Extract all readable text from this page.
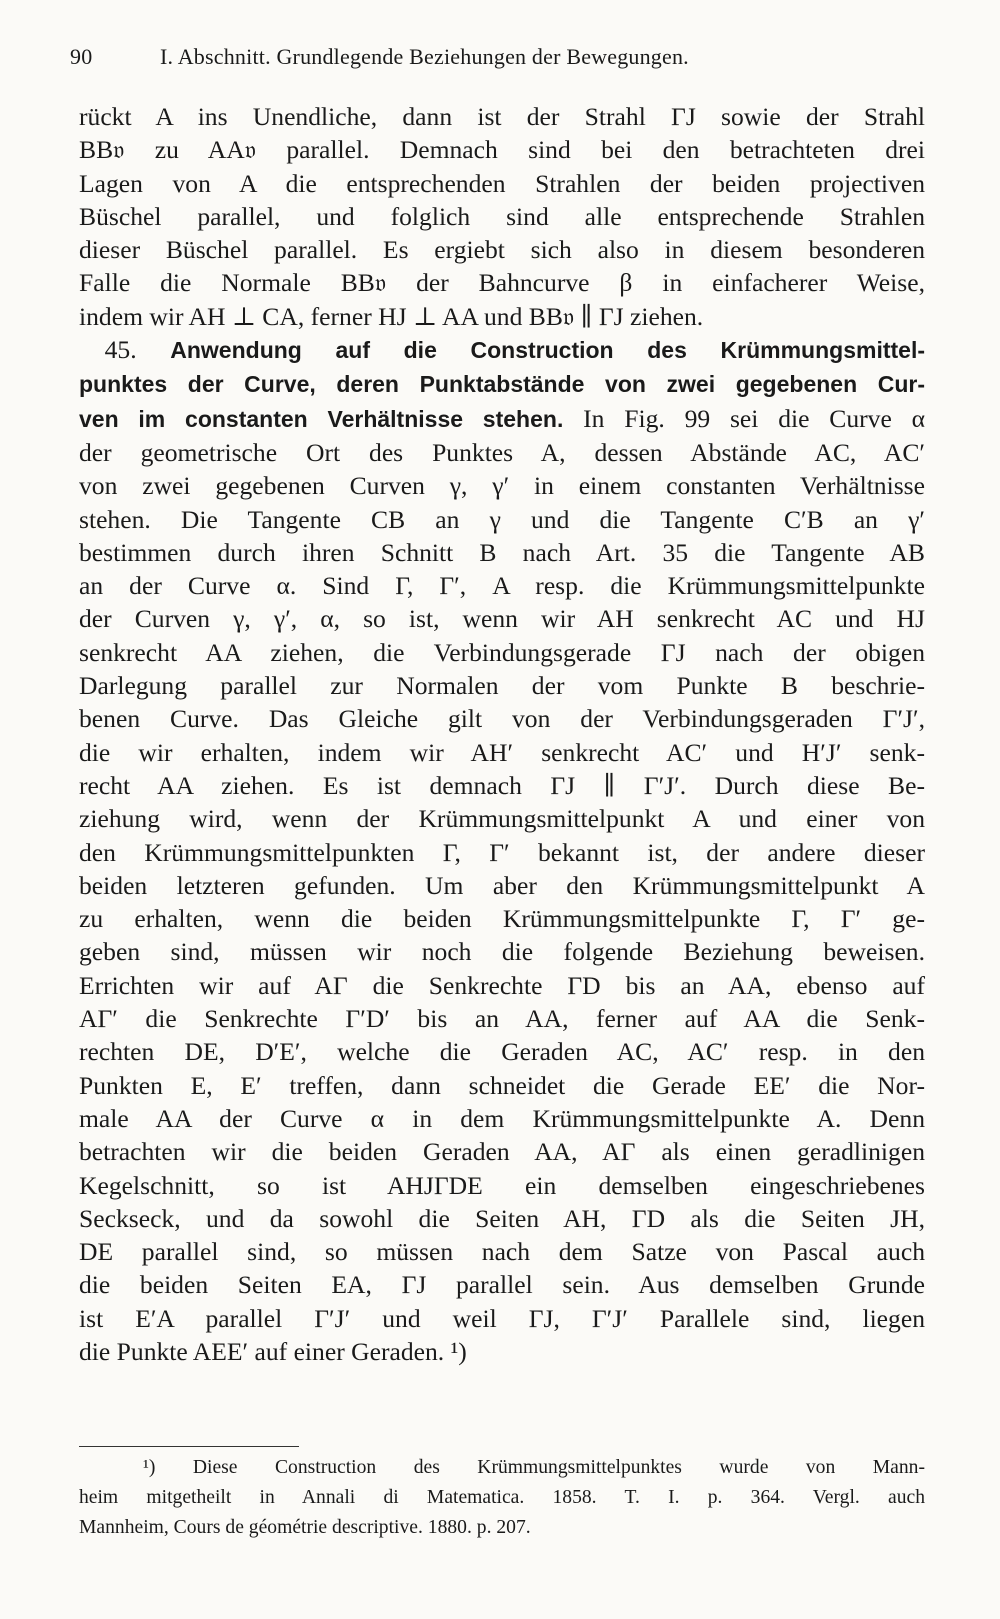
90	I. Abschnitt. Grundlegende Beziehungen der Bewegungen.

rückt A ins Unendliche, dann ist der Strahl ΓJ sowie der Strahl

BB𝔳 zu AA𝔳 parallel. Demnach sind bei den betrachteten drei

Lagen von A die entsprechenden Strahlen der beiden projectiven

Büschel parallel, und folglich sind alle entsprechende Strahlen

dieser Büschel parallel. Es ergiebt sich also in diesem besonderen

Falle die Normale BB𝔳 der Bahncurve β in einfacherer Weise,

indem wir AH ⊥ CA, ferner HJ ⊥ AA und BB𝔳 ∥ ΓJ ziehen.

 45. Anwendung auf die Construction des Krümmungsmittel-

punktes der Curve, deren Punktabstände von zwei gegebenen Cur-

ven im constanten Verhältnisse stehen. In Fig. 99 sei die Curve α

der geometrische Ort des Punktes A, dessen Abstände AC, AC′

von zwei gegebenen Curven γ, γ′ in einem constanten Verhältnisse

stehen. Die Tangente CB an γ und die Tangente C′B an γ′

bestimmen durch ihren Schnitt B nach Art. 35 die Tangente AB

an der Curve α. Sind Γ, Γ′, A resp. die Krümmungsmittelpunkte

der Curven γ, γ′, α, so ist, wenn wir AH senkrecht AC und HJ

senkrecht AA ziehen, die Verbindungsgerade ΓJ nach der obigen

Darlegung parallel zur Normalen der vom Punkte B beschrie-

benen Curve. Das Gleiche gilt von der Verbindungsgeraden Γ′J′,

die wir erhalten, indem wir AH′ senkrecht AC′ und H′J′ senk-

recht AA ziehen. Es ist demnach ΓJ ∥ Γ′J′. Durch diese Be-

ziehung wird, wenn der Krümmungsmittelpunkt A und einer von

den Krümmungsmittelpunkten Γ, Γ′ bekannt ist, der andere dieser

beiden letzteren gefunden. Um aber den Krümmungsmittelpunkt A

zu erhalten, wenn die beiden Krümmungsmittelpunkte Γ, Γ′ ge-

geben sind, müssen wir noch die folgende Beziehung beweisen.

Errichten wir auf AΓ die Senkrechte ΓD bis an AA, ebenso auf

AΓ′ die Senkrechte Γ′D′ bis an AA, ferner auf AA die Senk-

rechten DE, D′E′, welche die Geraden AC, AC′ resp. in den

Punkten E, E′ treffen, dann schneidet die Gerade EE′ die Nor-

male AA der Curve α in dem Krümmungsmittelpunkte A. Denn

betrachten wir die beiden Geraden AA, AΓ als einen geradlinigen

Kegelschnitt, so ist AHJΓDE ein demselben eingeschriebenes

Seckseck, und da sowohl die Seiten AH, ΓD als die Seiten JH,

DE parallel sind, so müssen nach dem Satze von Pascal auch

die beiden Seiten EA, ΓJ parallel sein. Aus demselben Grunde

ist E′A parallel Γ′J′ und weil ΓJ, Γ′J′ Parallele sind, liegen

die Punkte AEE′ auf einer Geraden. ¹)

¹) Diese Construction des Krümmungsmittelpunktes wurde von Mann-

heim mitgetheilt in Annali di Matematica. 1858. T. I. p. 364. Vergl. auch

Mannheim, Cours de géométrie descriptive. 1880. p. 207.
